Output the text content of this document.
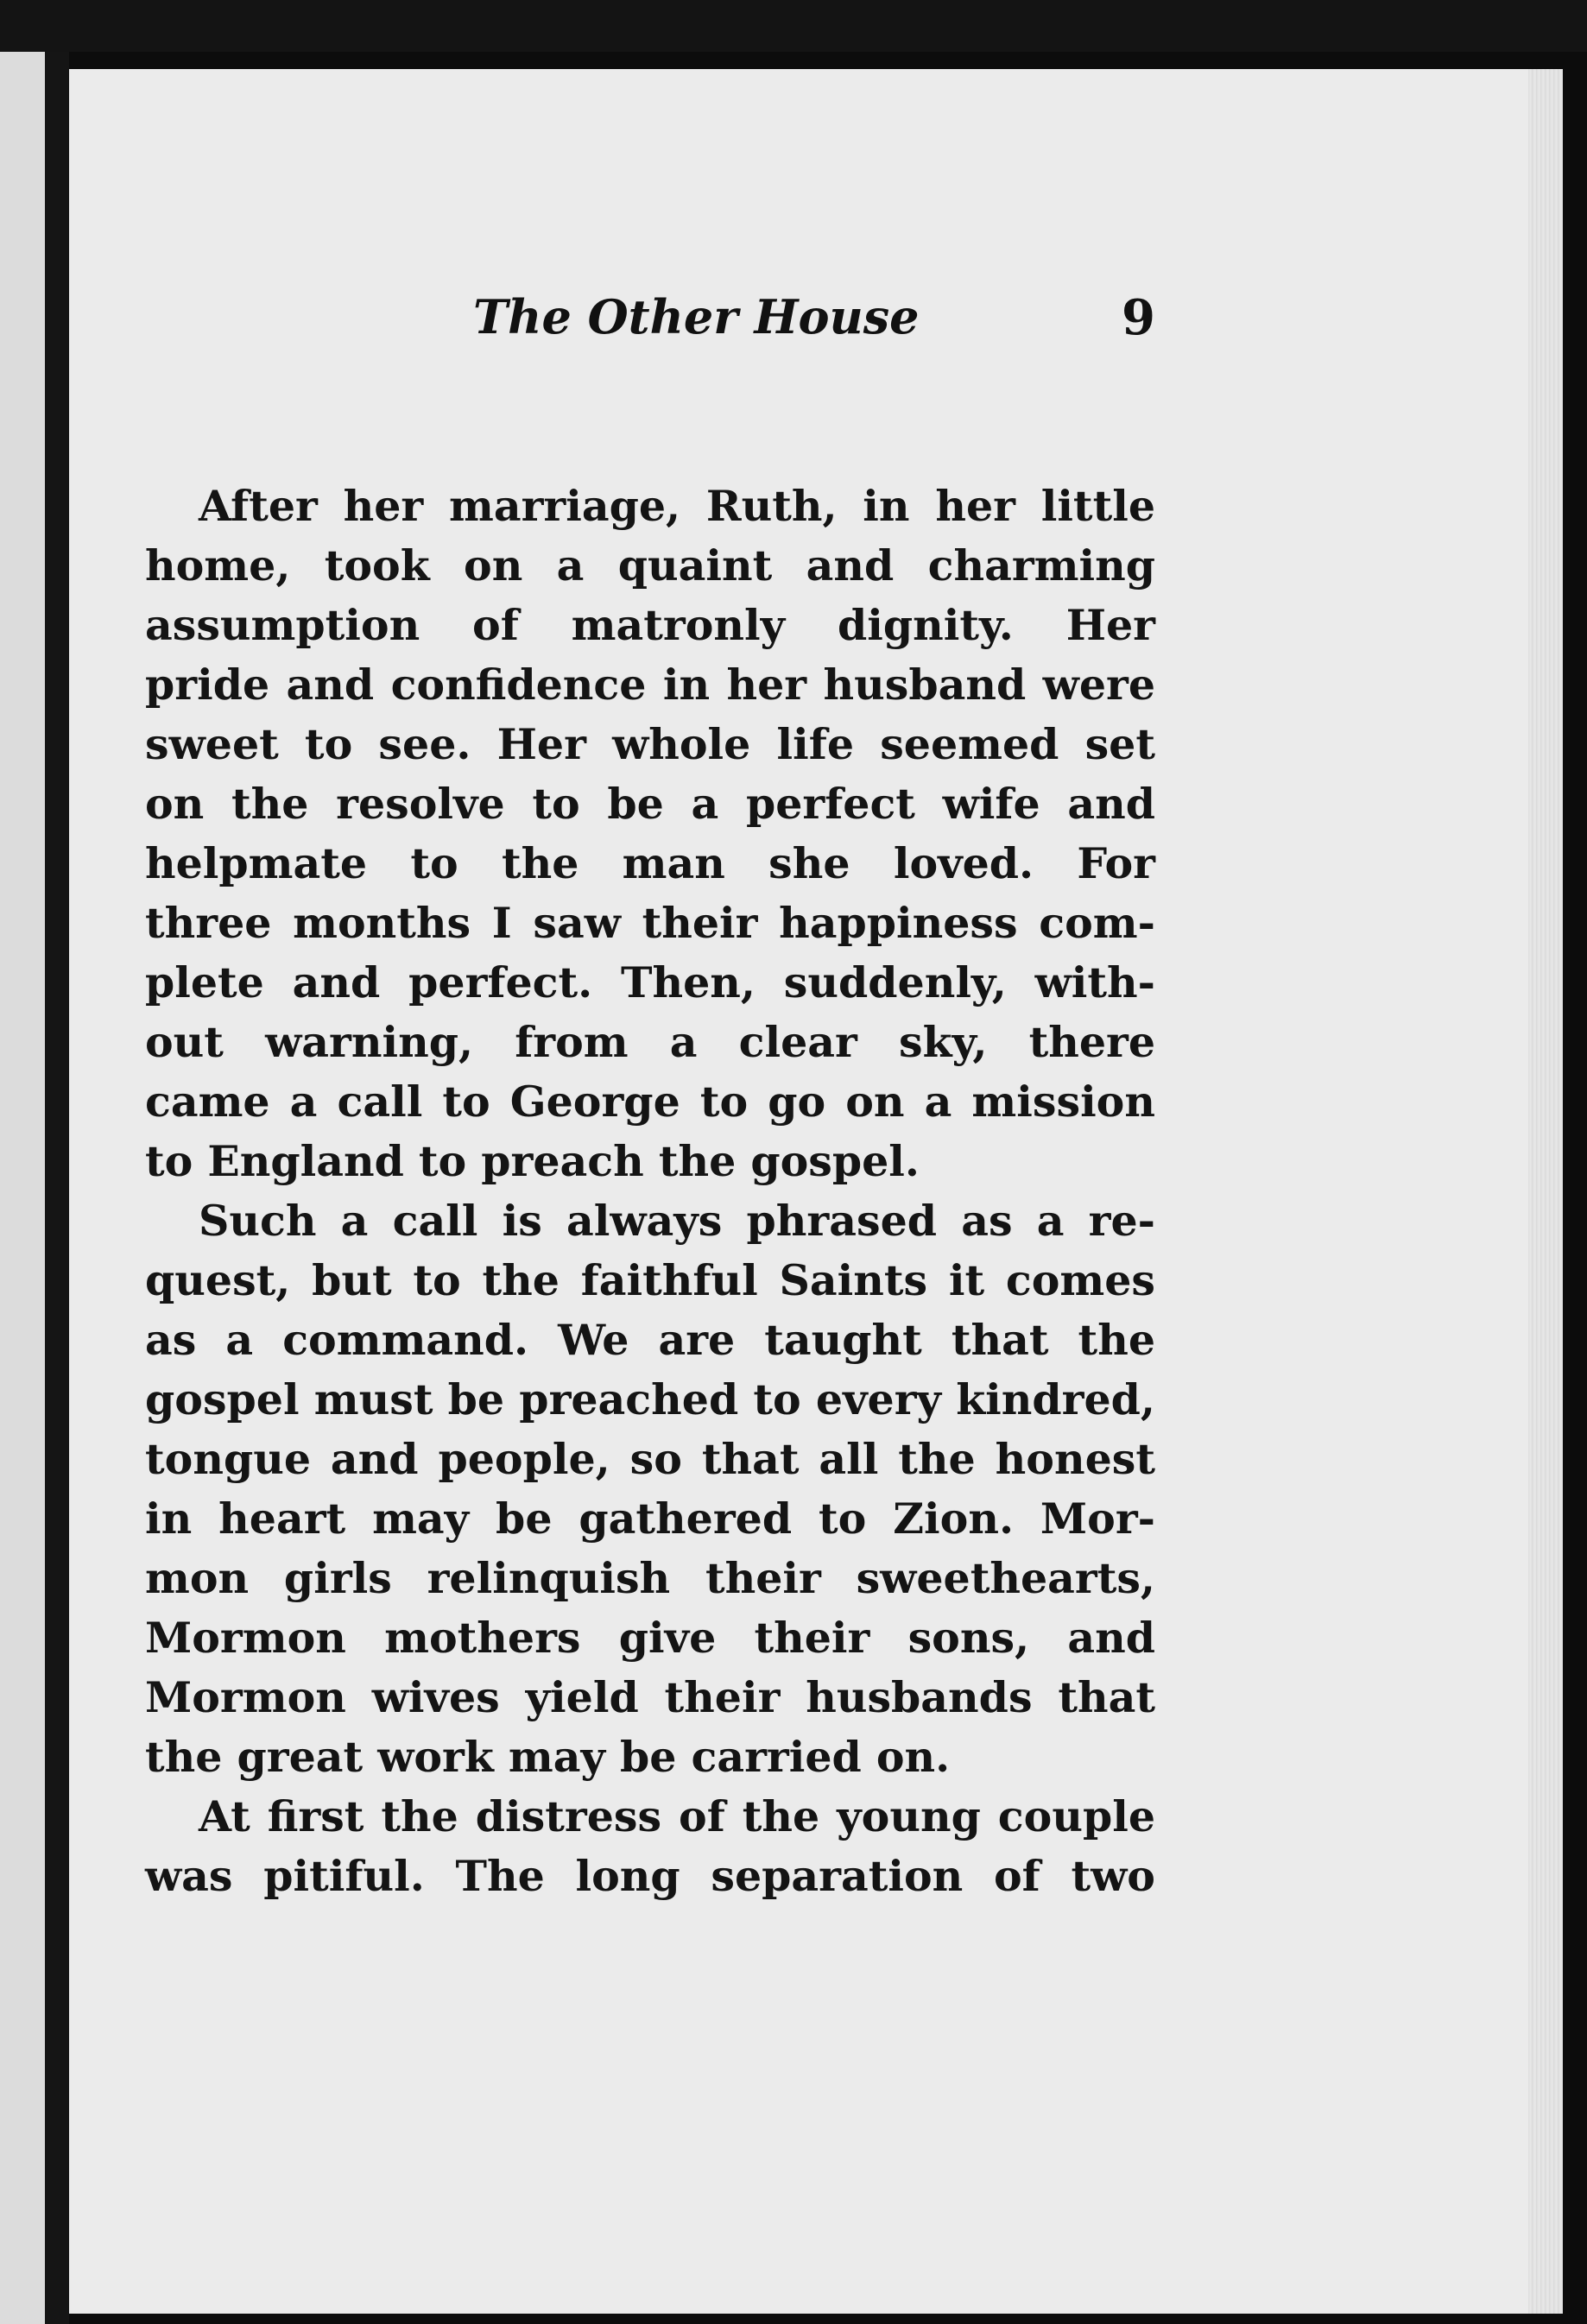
The Other House	9
After her marriage, Ruth, in her little
home, took on a quaint and charming
assumption of matronly dignity. Her
pride and confidence in her husband were
sweet to see. Her whole life seemed set
on the resolve to be a perfect wife and
helpmate to the man she loved. For
three months I saw their happiness com-
plete and perfect. Then, suddenly, with-
out warning, from a clear sky, there
came a call to George to go on a mission
to England to preach the gospel.
Such a call is always phrased as a re-
quest, but to the faithful Saints it comes
as a command. We are taught that the
gospel must be preached to every kindred,
tongue and people, so that all the honest
in heart may be gathered to Zion. Mor-
mon girls relinquish their sweethearts,
Mormon mothers give their sons, and
Mormon wives yield their husbands that
the great work may be carried on.
At first the distress of the young couple
was pitiful. The long separation of two
